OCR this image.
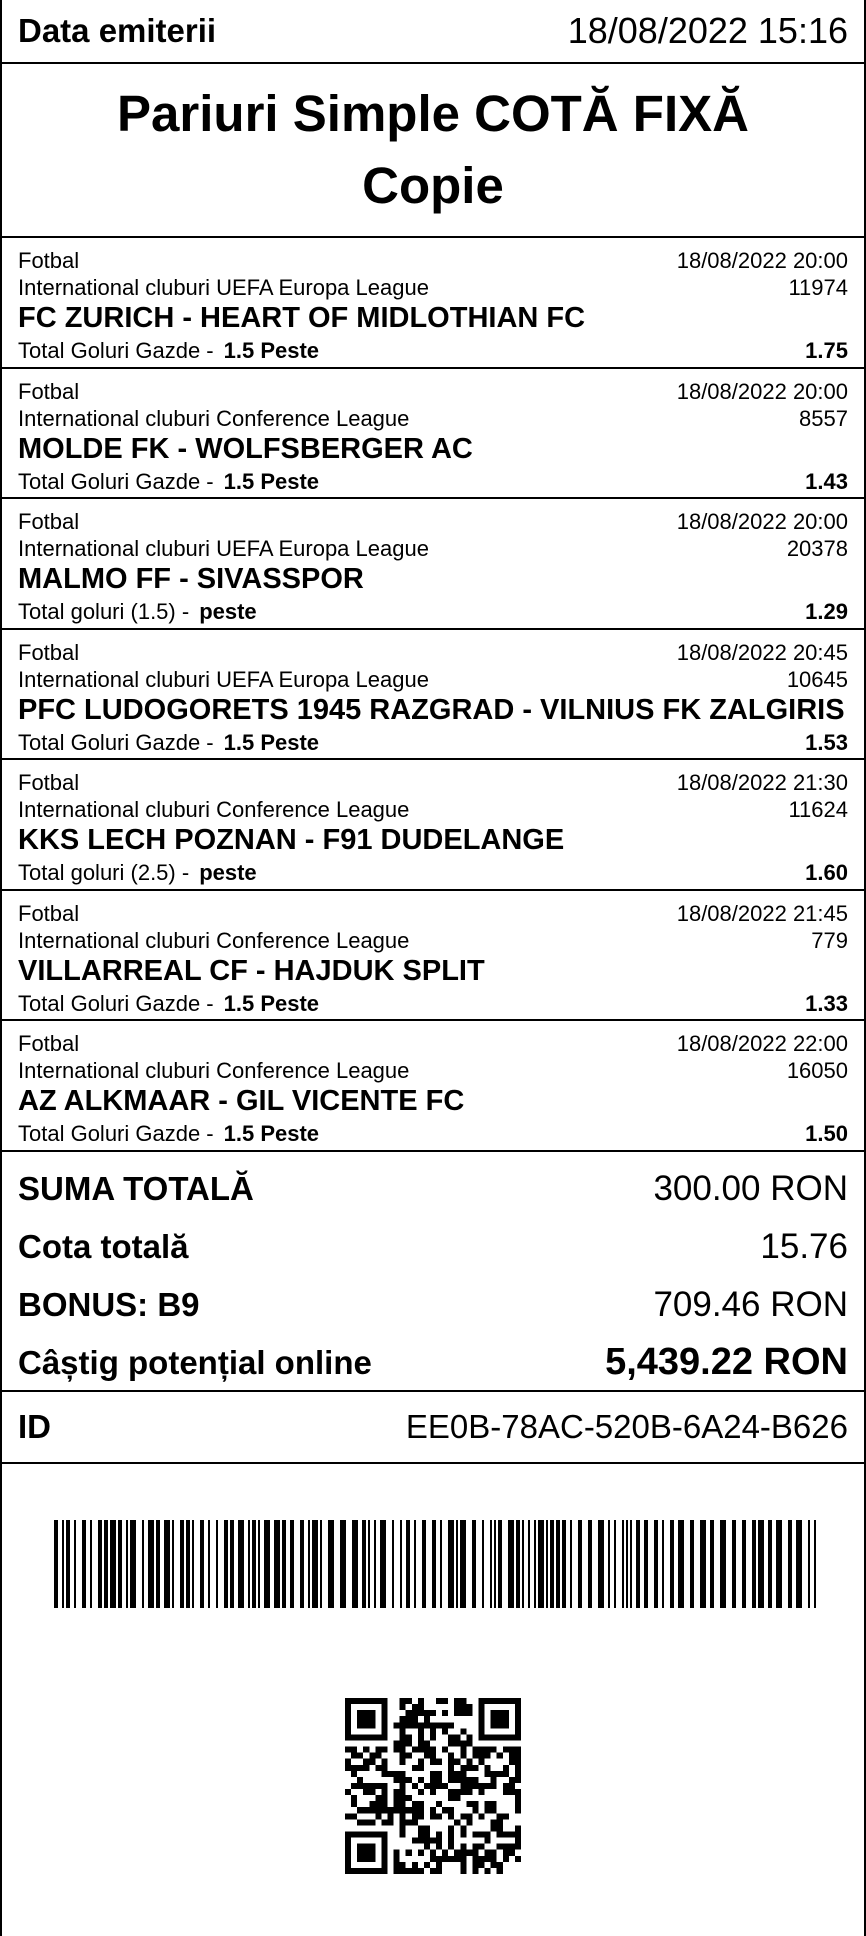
Data emiterii	18/08/2022 15:16
Pariuri Simple COTĂ FIXĂ
Copie
Fotbal	18/08/2022 20:00
International cluburi UEFA Europa League	11974
FC ZURICH - HEART OF MIDLOTHIAN FC
Total Goluri Gazde - 1.5 Peste	1.75
Fotbal	18/08/2022 20:00
International cluburi Conference League	8557
MOLDE FK - WOLFSBERGER AC
Total Goluri Gazde - 1.5 Peste	1.43
Fotbal	18/08/2022 20:00
International cluburi UEFA Europa League	20378
MALMO FF - SIVASSPOR
Total goluri (1.5) - peste	1.29
Fotbal	18/08/2022 20:45
International cluburi UEFA Europa League	10645
PFC LUDOGORETS 1945 RAZGRAD - VILNIUS FK ZALGIRIS
Total Goluri Gazde - 1.5 Peste	1.53
Fotbal	18/08/2022 21:30
International cluburi Conference League	11624
KKS LECH POZNAN - F91 DUDELANGE
Total goluri (2.5) - peste	1.60
Fotbal	18/08/2022 21:45
International cluburi Conference League	779
VILLARREAL CF - HAJDUK SPLIT
Total Goluri Gazde - 1.5 Peste	1.33
Fotbal	18/08/2022 22:00
International cluburi Conference League	16050
AZ ALKMAAR - GIL VICENTE FC
Total Goluri Gazde - 1.5 Peste	1.50
SUMA TOTALĂ	300.00 RON
Cota totală	15.76
BONUS: B9	709.46 RON
Câștig potențial online	5,439.22 RON
ID	EE0B-78AC-520B-6A24-B626
